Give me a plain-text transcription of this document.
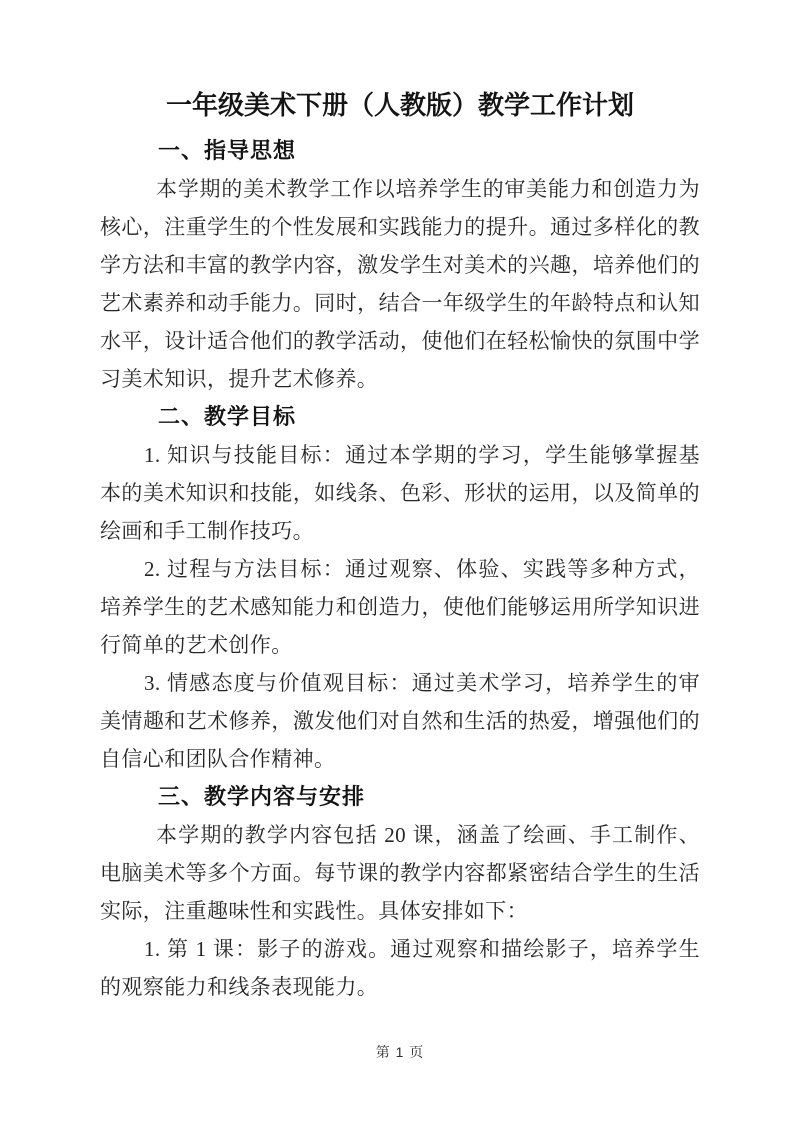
一年级美术下册（人教版）教学工作计划
一、指导思想

本学期的美术教学工作以培养学生的审美能力和创造力为核心，注重学生的个性发展和实践能力的提升。通过多样化的教学方法和丰富的教学内容，激发学生对美术的兴趣，培养他们的艺术素养和动手能力。同时，结合一年级学生的年龄特点和认知水平，设计适合他们的教学活动，使他们在轻松愉快的氛围中学习美术知识，提升艺术修养。

二、教学目标

1. 知识与技能目标：通过本学期的学习，学生能够掌握基本的美术知识和技能，如线条、色彩、形状的运用，以及简单的绘画和手工制作技巧。

2. 过程与方法目标：通过观察、体验、实践等多种方式，培养学生的艺术感知能力和创造力，使他们能够运用所学知识进行简单的艺术创作。

3. 情感态度与价值观目标：通过美术学习，培养学生的审美情趣和艺术修养，激发他们对自然和生活的热爱，增强他们的自信心和团队合作精神。

三、教学内容与安排

本学期的教学内容包括 20 课，涵盖了绘画、手工制作、电脑美术等多个方面。每节课的教学内容都紧密结合学生的生活实际，注重趣味性和实践性。具体安排如下：

1. 第 1 课：影子的游戏。通过观察和描绘影子，培养学生的观察能力和线条表现能力。

第 1 页
